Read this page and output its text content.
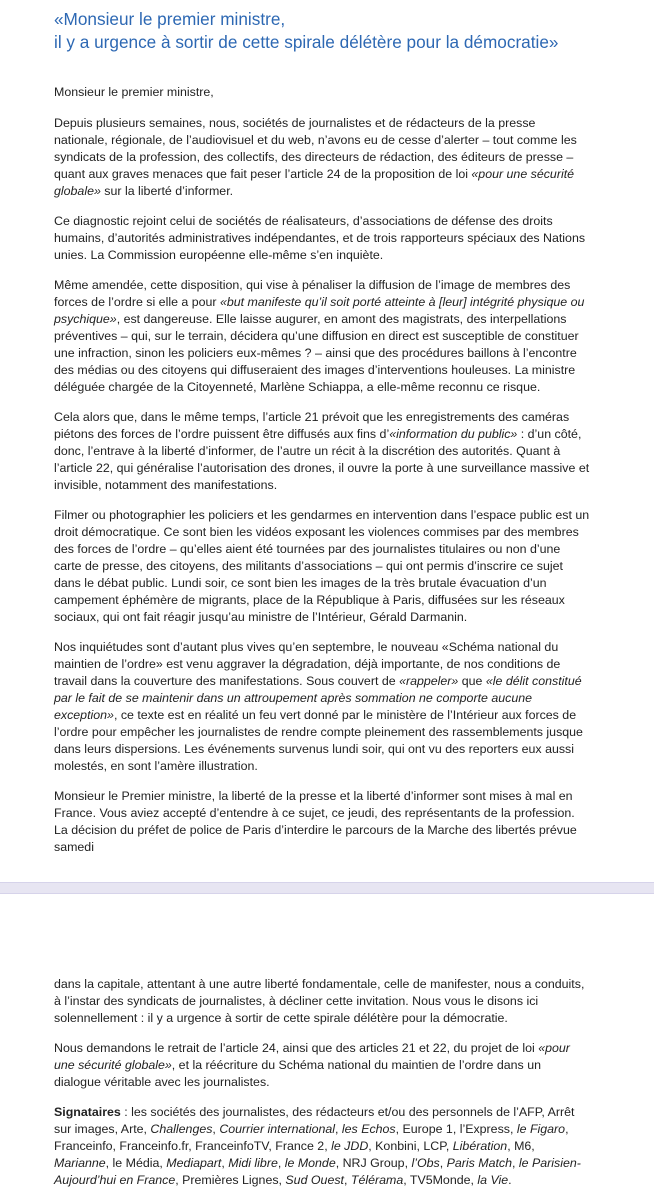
«Monsieur le premier ministre,
il y a urgence à sortir de cette spirale délétère pour la démocratie»

Monsieur le premier ministre,

Depuis plusieurs semaines, nous, sociétés de journalistes et de rédacteurs de la presse nationale, régionale, de l’audiovisuel et du web, n’avons eu de cesse d’alerter – tout comme les syndicats de la profession, des collectifs, des directeurs de rédaction, des éditeurs de presse – quant aux graves menaces que fait peser l’article 24 de la proposition de loi «pour une sécurité globale» sur la liberté d’informer.

Ce diagnostic rejoint celui de sociétés de réalisateurs, d’associations de défense des droits humains, d’autorités administratives indépendantes, et de trois rapporteurs spéciaux des Nations unies. La Commission européenne elle-même s’en inquiète.

Même amendée, cette disposition, qui vise à pénaliser la diffusion de l’image de membres des forces de l’ordre si elle a pour «but manifeste qu’il soit porté atteinte à [leur] intégrité physique ou psychique», est dangereuse. Elle laisse augurer, en amont des magistrats, des interpellations préventives – qui, sur le terrain, décidera qu’une diffusion en direct est susceptible de constituer une infraction, sinon les policiers eux-mêmes ? – ainsi que des procédures baillons à l’encontre des médias ou des citoyens qui diffuseraient des images d’interventions houleuses. La ministre déléguée chargée de la Citoyenneté, Marlène Schiappa, a elle-même reconnu ce risque.

Cela alors que, dans le même temps, l’article 21 prévoit que les enregistrements des caméras piétons des forces de l’ordre puissent être diffusés aux fins d’«information du public» : d’un côté, donc, l’entrave à la liberté d’informer, de l’autre un récit à la discrétion des autorités. Quant à l’article 22, qui généralise l’autorisation des drones, il ouvre la porte à une surveillance massive et invisible, notamment des manifestations.

Filmer ou photographier les policiers et les gendarmes en intervention dans l’espace public est un droit démocratique. Ce sont bien les vidéos exposant les violences commises par des membres des forces de l’ordre – qu’elles aient été tournées par des journalistes titulaires ou non d’une carte de presse, des citoyens, des militants d’associations – qui ont permis d’inscrire ce sujet dans le débat public. Lundi soir, ce sont bien les images de la très brutale évacuation d’un campement éphémère de migrants, place de la République à Paris, diffusées sur les réseaux sociaux, qui ont fait réagir jusqu’au ministre de l’Intérieur, Gérald Darmanin.

Nos inquiétudes sont d’autant plus vives qu’en septembre, le nouveau «Schéma national du maintien de l’ordre» est venu aggraver la dégradation, déjà importante, de nos conditions de travail dans la couverture des manifestations. Sous couvert de «rappeler» que «le délit constitué par le fait de se maintenir dans un attroupement après sommation ne comporte aucune exception», ce texte est en réalité un feu vert donné par le ministère de l’Intérieur aux forces de l’ordre pour empêcher les journalistes de rendre compte pleinement des rassemblements jusque dans leurs dispersions. Les événements survenus lundi soir, qui ont vu des reporters eux aussi molestés, en sont l’amère illustration.

Monsieur le Premier ministre, la liberté de la presse et la liberté d’informer sont mises à mal en France. Vous aviez accepté d’entendre à ce sujet, ce jeudi, des représentants de la profession. La décision du préfet de police de Paris d’interdire le parcours de la Marche des libertés prévue samedi

dans la capitale, attentant à une autre liberté fondamentale, celle de manifester, nous a conduits, à l’instar des syndicats de journalistes, à décliner cette invitation. Nous vous le disons ici solennellement : il y a urgence à sortir de cette spirale délétère pour la démocratie.

Nous demandons le retrait de l’article 24, ainsi que des articles 21 et 22, du projet de loi «pour une sécurité globale», et la réécriture du Schéma national du maintien de l’ordre dans un dialogue véritable avec les journalistes.

Signataires : les sociétés des journalistes, des rédacteurs et/ou des personnels de l’AFP, Arrêt sur images, Arte, Challenges, Courrier international, les Echos, Europe 1, l’Express, le Figaro, Franceinfo, Franceinfo.fr, FranceinfoTV, France 2, le JDD, Konbini, LCP, Libération, M6, Marianne, le Média, Mediapart, Midi libre, le Monde, NRJ Group, l’Obs, Paris Match, le Parisien-Aujourd’hui en France, Premières Lignes, Sud Ouest, Télérama, TV5Monde, la Vie.
